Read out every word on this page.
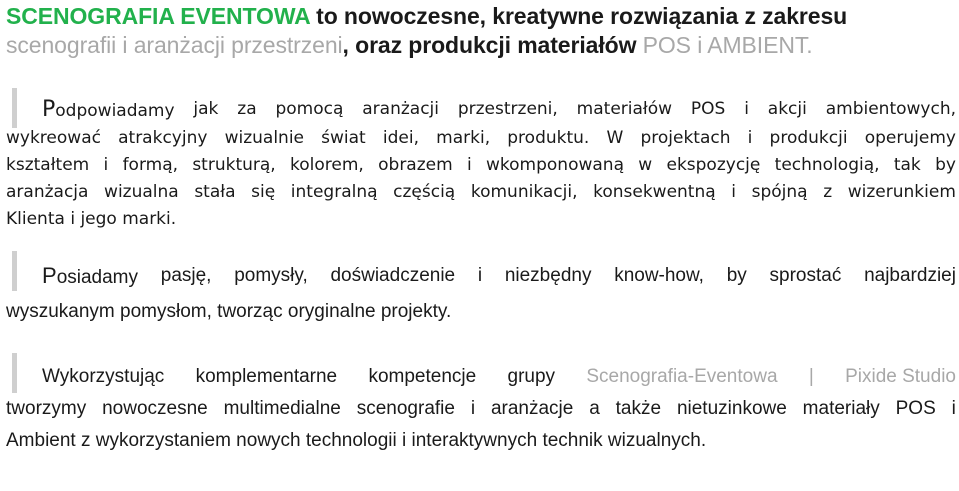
SCENOGRAFIA EVENTOWA to nowoczesne, kreatywne rozwiązania z zakresu
scenografii i aranżacji przestrzeni, oraz produkcji materiałów POS i AMBIENT.
Podpowiadamy jak za pomocą aranżacji przestrzeni, materiałów POS i akcji ambientowych,
wykreować atrakcyjny wizualnie świat idei, marki, produktu. W projektach i produkcji operujemy
kształtem i formą, strukturą, kolorem, obrazem i wkomponowaną w ekspozycję technologią, tak by
aranżacja wizualna stała się integralną częścią komunikacji, konsekwentną i spójną z wizerunkiem
Klienta i jego marki.
Posiadamy pasję, pomysły, doświadczenie i niezbędny know-how, by sprostać najbardziej
wyszukanym pomysłom, tworząc oryginalne projekty.
Wykorzystując komplementarne kompetencje grupy Scenografia-Eventowa | Pixide Studio
tworzymy nowoczesne multimedialne scenografie i aranżacje a także nietuzinkowe materiały POS i
Ambient z wykorzystaniem nowych technologii i interaktywnych technik wizualnych.
